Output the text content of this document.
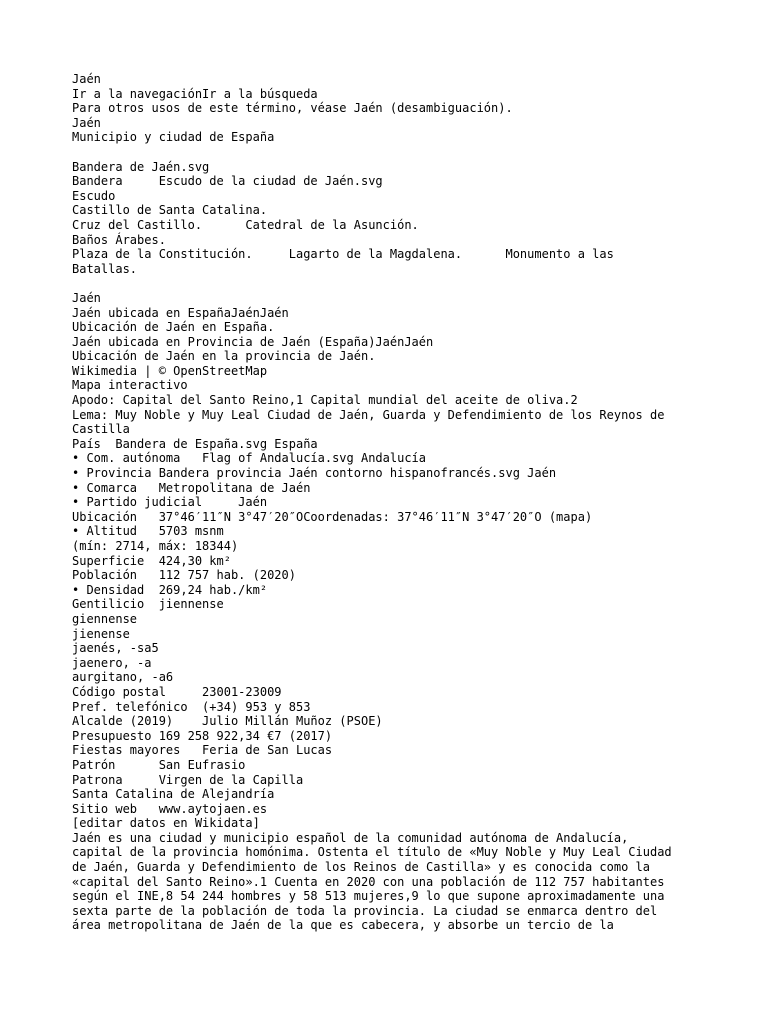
Jaén
Ir a la navegaciónIr a la búsqueda
Para otros usos de este término, véase Jaén (desambiguación).
Jaén
Municipio y ciudad de España
Bandera de Jaén.svg
Bandera     Escudo de la ciudad de Jaén.svg
Escudo
Castillo de Santa Catalina.
Cruz del Castillo.      Catedral de la Asunción.
Baños Árabes.
Plaza de la Constitución.     Lagarto de la Magdalena.      Monumento a las
Batallas.
Jaén
Jaén ubicada en EspañaJaénJaén
Ubicación de Jaén en España.
Jaén ubicada en Provincia de Jaén (España)JaénJaén
Ubicación de Jaén en la provincia de Jaén.
Wikimedia | © OpenStreetMap
Mapa interactivo
Apodo: Capital del Santo Reino,1 Capital mundial del aceite de oliva.2
Lema: Muy Noble y Muy Leal Ciudad de Jaén, Guarda y Defendimiento de los Reynos de
Castilla
País  Bandera de España.svg España
• Com. autónoma   Flag of Andalucía.svg Andalucía
• Provincia Bandera provincia Jaén contorno hispanofrancés.svg Jaén
• Comarca   Metropolitana de Jaén
• Partido judicial     Jaén
Ubicación   37°46′11″N 3°47′20″OCoordenadas: 37°46′11″N 3°47′20″O (mapa)
• Altitud   5703 msnm
(mín: 2714, máx: 18344)
Superficie  424,30 km²
Población   112 757 hab. (2020)
• Densidad  269,24 hab./km²
Gentilicio  jiennense
giennense
jienense
jaenés, -sa5
jaenero, -a
aurgitano, -a6
Código postal     23001-23009
Pref. telefónico  (+34) 953 y 853
Alcalde (2019)    Julio Millán Muñoz (PSOE)
Presupuesto 169 258 922,34 €7 (2017)
Fiestas mayores   Feria de San Lucas
Patrón      San Eufrasio
Patrona     Virgen de la Capilla
Santa Catalina de Alejandría
Sitio web   www.aytojaen.es
[editar datos en Wikidata]
Jaén es una ciudad y municipio español de la comunidad autónoma de Andalucía,
capital de la provincia homónima. Ostenta el título de «Muy Noble y Muy Leal Ciudad
de Jaén, Guarda y Defendimiento de los Reinos de Castilla» y es conocida como la
«capital del Santo Reino».1 Cuenta en 2020 con una población de 112 757 habitantes
según el INE,8 54 244 hombres y 58 513 mujeres,9 lo que supone aproximadamente una
sexta parte de la población de toda la provincia. La ciudad se enmarca dentro del
área metropolitana de Jaén de la que es cabecera, y absorbe un tercio de la
